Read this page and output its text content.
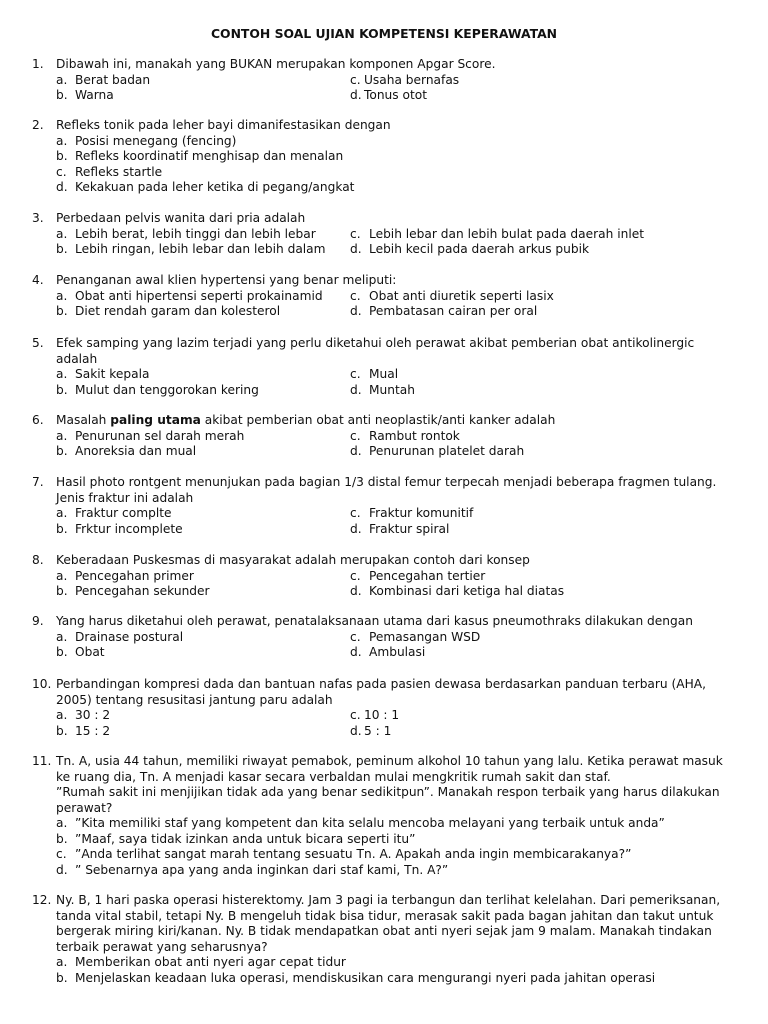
CONTOH SOAL UJIAN KOMPETENSI KEPERAWATAN
1.	Dibawah ini, manakah yang BUKAN merupakan komponen Apgar Score.
a. Berat badan	c. Usaha bernafas
b. Warna	d. Tonus otot
2.	Refleks tonik pada leher bayi dimanifestasikan dengan
a. Posisi menegang (fencing)
b. Refleks koordinatif menghisap dan menalan
c. Refleks startle
d. Kekakuan pada leher ketika di pegang/angkat
3.	Perbedaan pelvis wanita dari pria adalah
a. Lebih berat, lebih tinggi dan lebih lebar	c. Lebih lebar dan lebih bulat pada daerah inlet
b. Lebih ringan, lebih lebar dan lebih dalam d. Lebih kecil pada daerah arkus pubik
4.	Penanganan awal klien hypertensi yang benar meliputi:
a. Obat anti hipertensi seperti prokainamid c. Obat anti diuretik seperti lasix
b. Diet rendah garam dan kolesterol	d. Pembatasan cairan per oral
5.	Efek samping yang lazim terjadi yang perlu diketahui oleh perawat akibat pemberian obat antikolinergic
adalah
a. Sakit kepala	c. Mual
b. Mulut dan tenggorokan kering	d. Muntah
6.	Masalah paling utama akibat pemberian obat anti neoplastik/anti kanker adalah
a. Penurunan sel darah merah	c. Rambut rontok
b. Anoreksia dan mual	d. Penurunan platelet darah
7.	Hasil photo rontgent menunjukan pada bagian 1/3 distal femur terpecah menjadi beberapa fragmen tulang.
Jenis fraktur ini adalah
a. Fraktur complte	c. Fraktur komunitif
b. Frktur incomplete	d. Fraktur spiral
8.	Keberadaan Puskesmas di masyarakat adalah merupakan contoh dari konsep
a. Pencegahan primer	c. Pencegahan tertier
b. Pencegahan sekunder	d. Kombinasi dari ketiga hal diatas
9.	Yang harus diketahui oleh perawat, penatalaksanaan utama dari kasus pneumothraks dilakukan dengan
a. Drainase postural	c. Pemasangan WSD
b. Obat	d. Ambulasi
10. Perbandingan kompresi dada dan bantuan nafas pada pasien dewasa berdasarkan panduan terbaru (AHA,
2005) tentang resusitasi jantung paru adalah
a. 30 : 2	c. 10 : 1
b. 15 : 2	d. 5 : 1
11. Tn. A, usia 44 tahun, memiliki riwayat pemabok, peminum alkohol 10 tahun yang lalu. Ketika perawat masuk
ke ruang dia, Tn. A menjadi kasar secara verbaldan mulai mengkritik rumah sakit dan staf.
”Rumah sakit ini menjijikan tidak ada yang benar sedikitpun”. Manakah respon terbaik yang harus dilakukan
perawat?
a. ”Kita memiliki staf yang kompetent dan kita selalu mencoba melayani yang terbaik untuk anda”
b. ”Maaf, saya tidak izinkan anda untuk bicara seperti itu”
c. ”Anda terlihat sangat marah tentang sesuatu Tn. A. Apakah anda ingin membicarakanya?”
d. ” Sebenarnya apa yang anda inginkan dari staf kami, Tn. A?”
12. Ny. B, 1 hari paska operasi histerektomy. Jam 3 pagi ia terbangun dan terlihat kelelahan. Dari pemeriksanan,
tanda vital stabil, tetapi Ny. B mengeluh tidak bisa tidur, merasak sakit pada bagan jahitan dan takut untuk
bergerak miring kiri/kanan. Ny. B tidak mendapatkan obat anti nyeri sejak jam 9 malam. Manakah tindakan
terbaik perawat yang seharusnya?
a. Memberikan obat anti nyeri agar cepat tidur
b. Menjelaskan keadaan luka operasi, mendiskusikan cara mengurangi nyeri pada jahitan operasi
